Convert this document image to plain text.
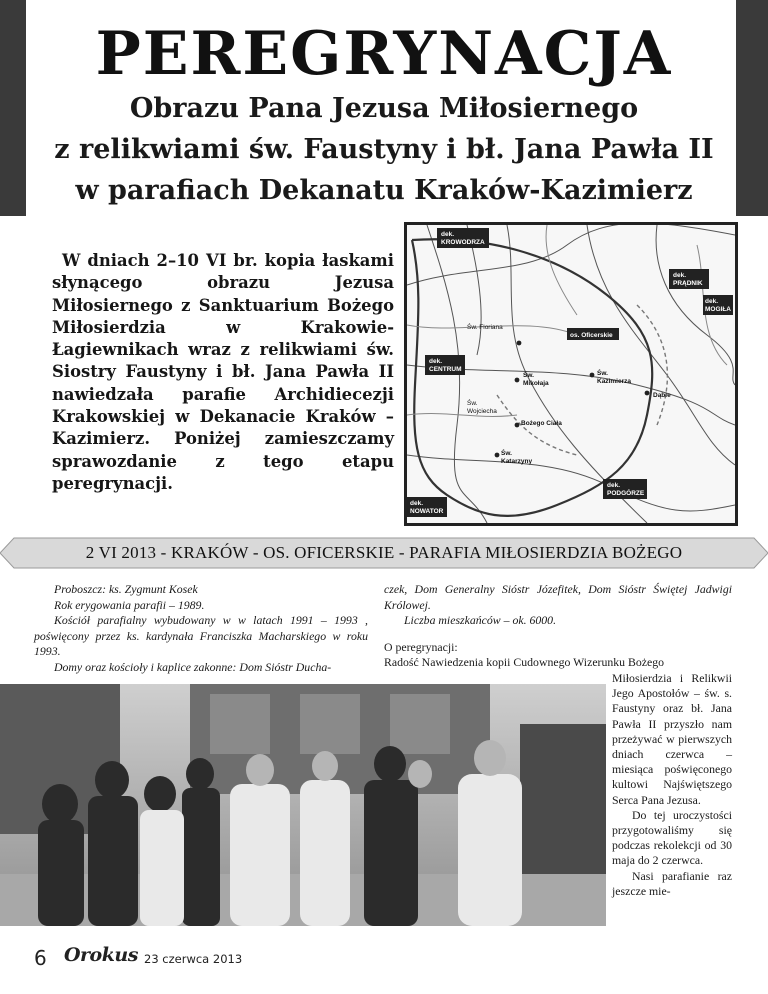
PEREGRYNACJA
Obrazu Pana Jezusa Miłosiernego
z relikwiami św. Faustyny i bł. Jana Pawła II
w parafiach Dekanatu Kraków-Kazimierz

W dniach 2–10 VI br. kopia łaskami słynącego obrazu Jezusa Miłosiernego z Sanktuarium Bożego Miłosierdzia w Krakowie-Łagiewnikach wraz z relikwiami św. Siostry Faustyny i bł. Jana Pawła II nawiedzała parafie Archidiecezji Krakowskiej w Dekanacie Kraków – Kazimierz. Poniżej zamieszczamy sprawozdanie z tego etapu peregrynacji.

dek.
KROWODRZA
dek.
PRĄDNIK
dek.
MOGIŁA
dek.
CENTRUM
dek.
PODGÓRZE
dek.
NOWATOR
os. Oficerskie
Dąbie
Św.
Kazimierza
Św.
Mikołaja
Bożego Ciała
Św.
Katarzyny
Św. Floriana
Św.
Wojciecha
2 VI 2013 - KRAKÓW - OS. OFICERSKIE - PARAFIA MIŁOSIERDZIA BOŻEGO

Proboszcz: ks. Zygmunt Kosek

Rok erygowania parafii – 1989.

Kościół parafialny wybudowany w w latach 1991 – 1993 , poświęcony przez ks. kardynała Franciszka Macharskiego w roku 1993.

Domy oraz kościoły i kaplice zakonne: Dom Sióstr Ducha-

czek, Dom Generalny Sióstr Józefitek, Dom Sióstr Świętej Jadwigi Królowej.

Liczba mieszkańców – ok. 6000.

O peregrynacji:

Radość Nawiedzenia kopii Cudownego Wizerunku Bożego

Miłosierdzia i Relikwii Jego Apostołów – św. s. Faustyny oraz bł. Jana Pawła II przyszło nam przeżywać w pierwszych dniach czerwca – miesiąca poświęconego kultowi Najświętszego Serca Pana Jezusa.

Do tej uroczystości przygotowaliśmy się podczas rekolekcji od 30 maja do 2 czerwca.

Nasi parafianie raz jeszcze mie-

6 Orokus 23 czerwca 2013
